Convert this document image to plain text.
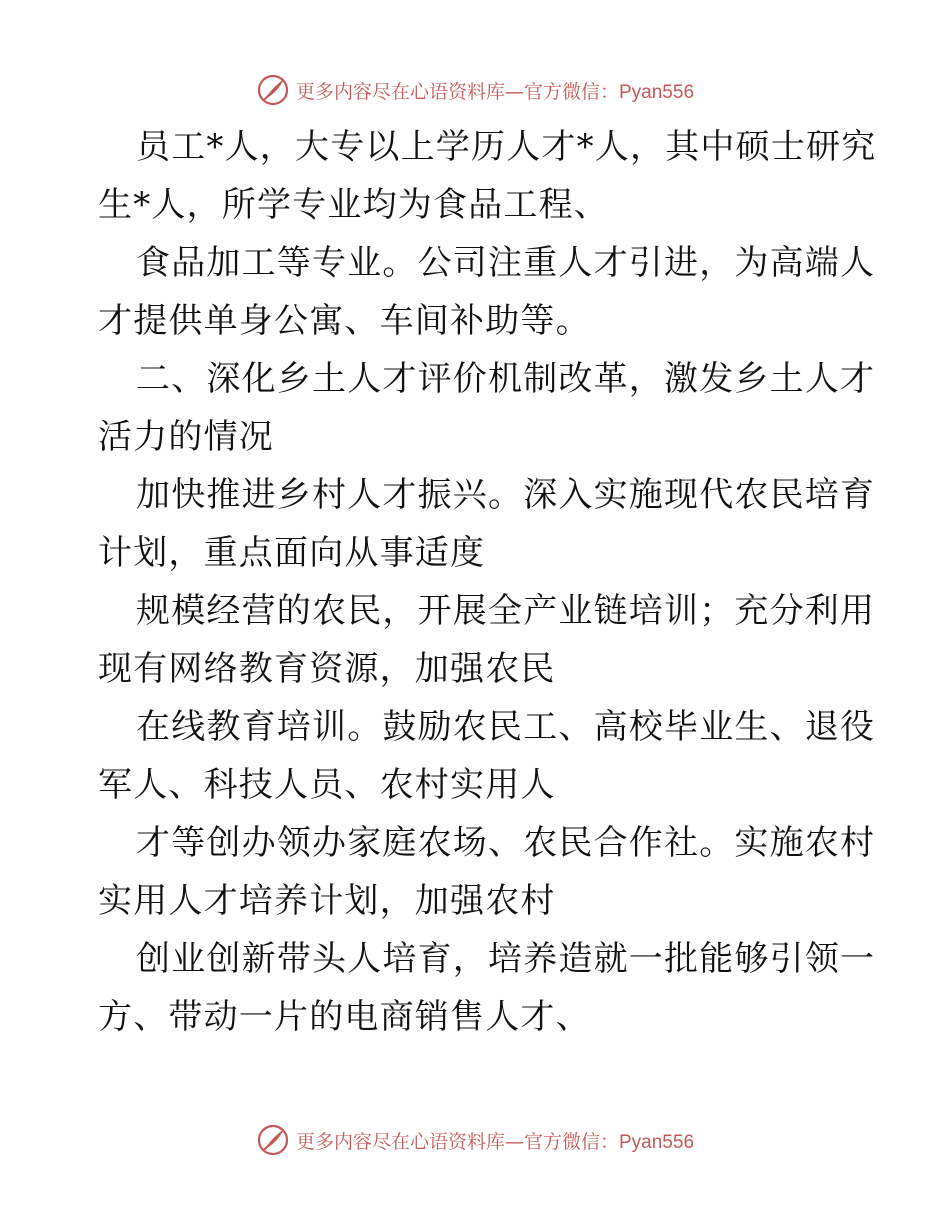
更多内容尽在心语资料库—官方微信：Pyan556
员工*人，大专以上学历人才*人，其中硕士研究
生*人，所学专业均为食品工程、
食品加工等专业。公司注重人才引进，为高端人
才提供单身公寓、车间补助等。
二、深化乡土人才评价机制改革，激发乡土人才
活力的情况
加快推进乡村人才振兴。深入实施现代农民培育
计划，重点面向从事适度
规模经营的农民，开展全产业链培训；充分利用
现有网络教育资源，加强农民
在线教育培训。鼓励农民工、高校毕业生、退役
军人、科技人员、农村实用人
才等创办领办家庭农场、农民合作社。实施农村
实用人才培养计划，加强农村
创业创新带头人培育，培养造就一批能够引领一
方、带动一片的电商销售人才、
更多内容尽在心语资料库—官方微信：Pyan556
